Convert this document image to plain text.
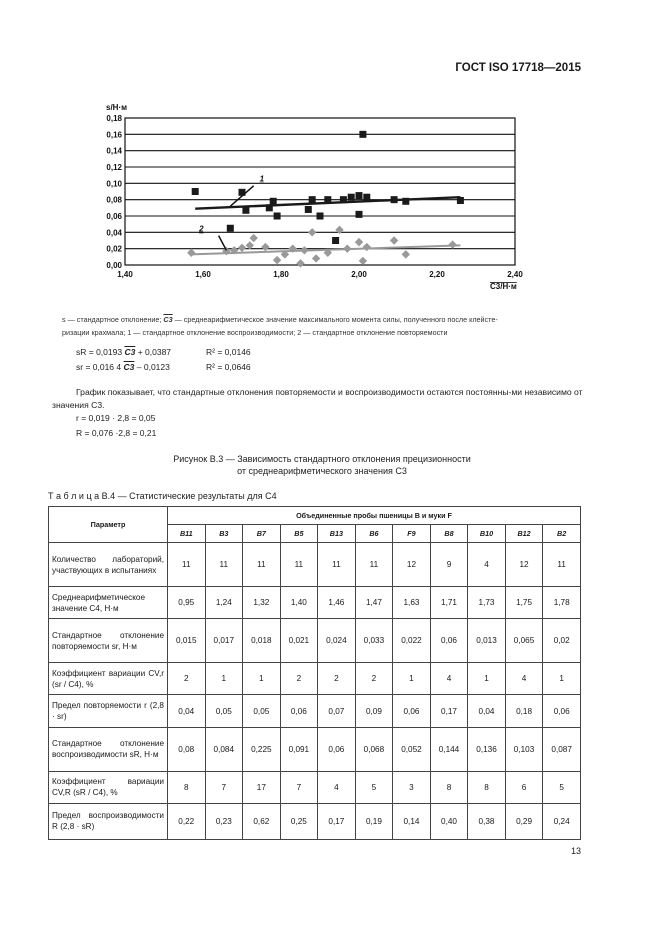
ГОСТ ISO 17718—2015
0,00
0,02
0,04
0,06
0,08
0,10
0,12
0,14
0,16
0,18
1,40	1,60	1,80	2,00	2,20	2,40
s/Н·м
C3/Н·м
1
2
s — стандартное отклонение; C3 — среднеарифметическое значение максимального момента силы, полученного после клейсте-
ризации крахмала; 1 — стандартное отклонение воспроизводимости; 2 — стандартное отклонение повторяемости
sR = 0,0193 C3 + 0,0387	R² = 0,0146
sr = 0,016 4 C3 – 0,0123	R² = 0,0646
График показывает, что стандартные отклонения повторяемости и воспроизводимости остаются постоянны-ми независимо от значения C3.
r = 0,019 · 2,8 = 0,05
R = 0,076 ·2,8 = 0,21
Рисунок В.3 — Зависимость стандартного отклонения прецизионности
от среднеарифметического значения C3
Т а б л и ц а В.4 — Статистические результаты для C4
Параметр	Объединенные пробы пшеницы B и муки F										
	B11	B3	B7	B5	B13	B6	F9	B8	B10	B12	B2
Количество лабораторий, участвующих в испытаниях	11	11	11	11	11	11	12	9	4	12	11
Среднеарифметическое значение C4, Н·м	0,95	1,24	1,32	1,40	1,46	1,47	1,63	1,71	1,73	1,75	1,78
Стандартное отклонение повторяемости sr, Н·м	0,015	0,017	0,018	0,021	0,024	0,033	0,022	0,06	0,013	0,065	0,02
Коэффициент вариации CV,r (sr / C4), %	2	1	1	2	2	2	1	4	1	4	1
Предел повторяемости r (2,8 · sr)	0,04	0,05	0,05	0,06	0,07	0,09	0,06	0,17	0,04	0,18	0,06
Стандартное отклонение воспроизводимости sR, Н·м	0,08	0,084	0,225	0,091	0,06	0,068	0,052	0,144	0,136	0,103	0,087
Коэффициент вариации CV,R (sR / C4), %	8	7	17	7	4	5	3	8	8	6	5
Предел воспроизводимости R (2,8 · sR)	0,22	0,23	0,62	0,25	0,17	0,19	0,14	0,40	0,38	0,29	0,24
13
